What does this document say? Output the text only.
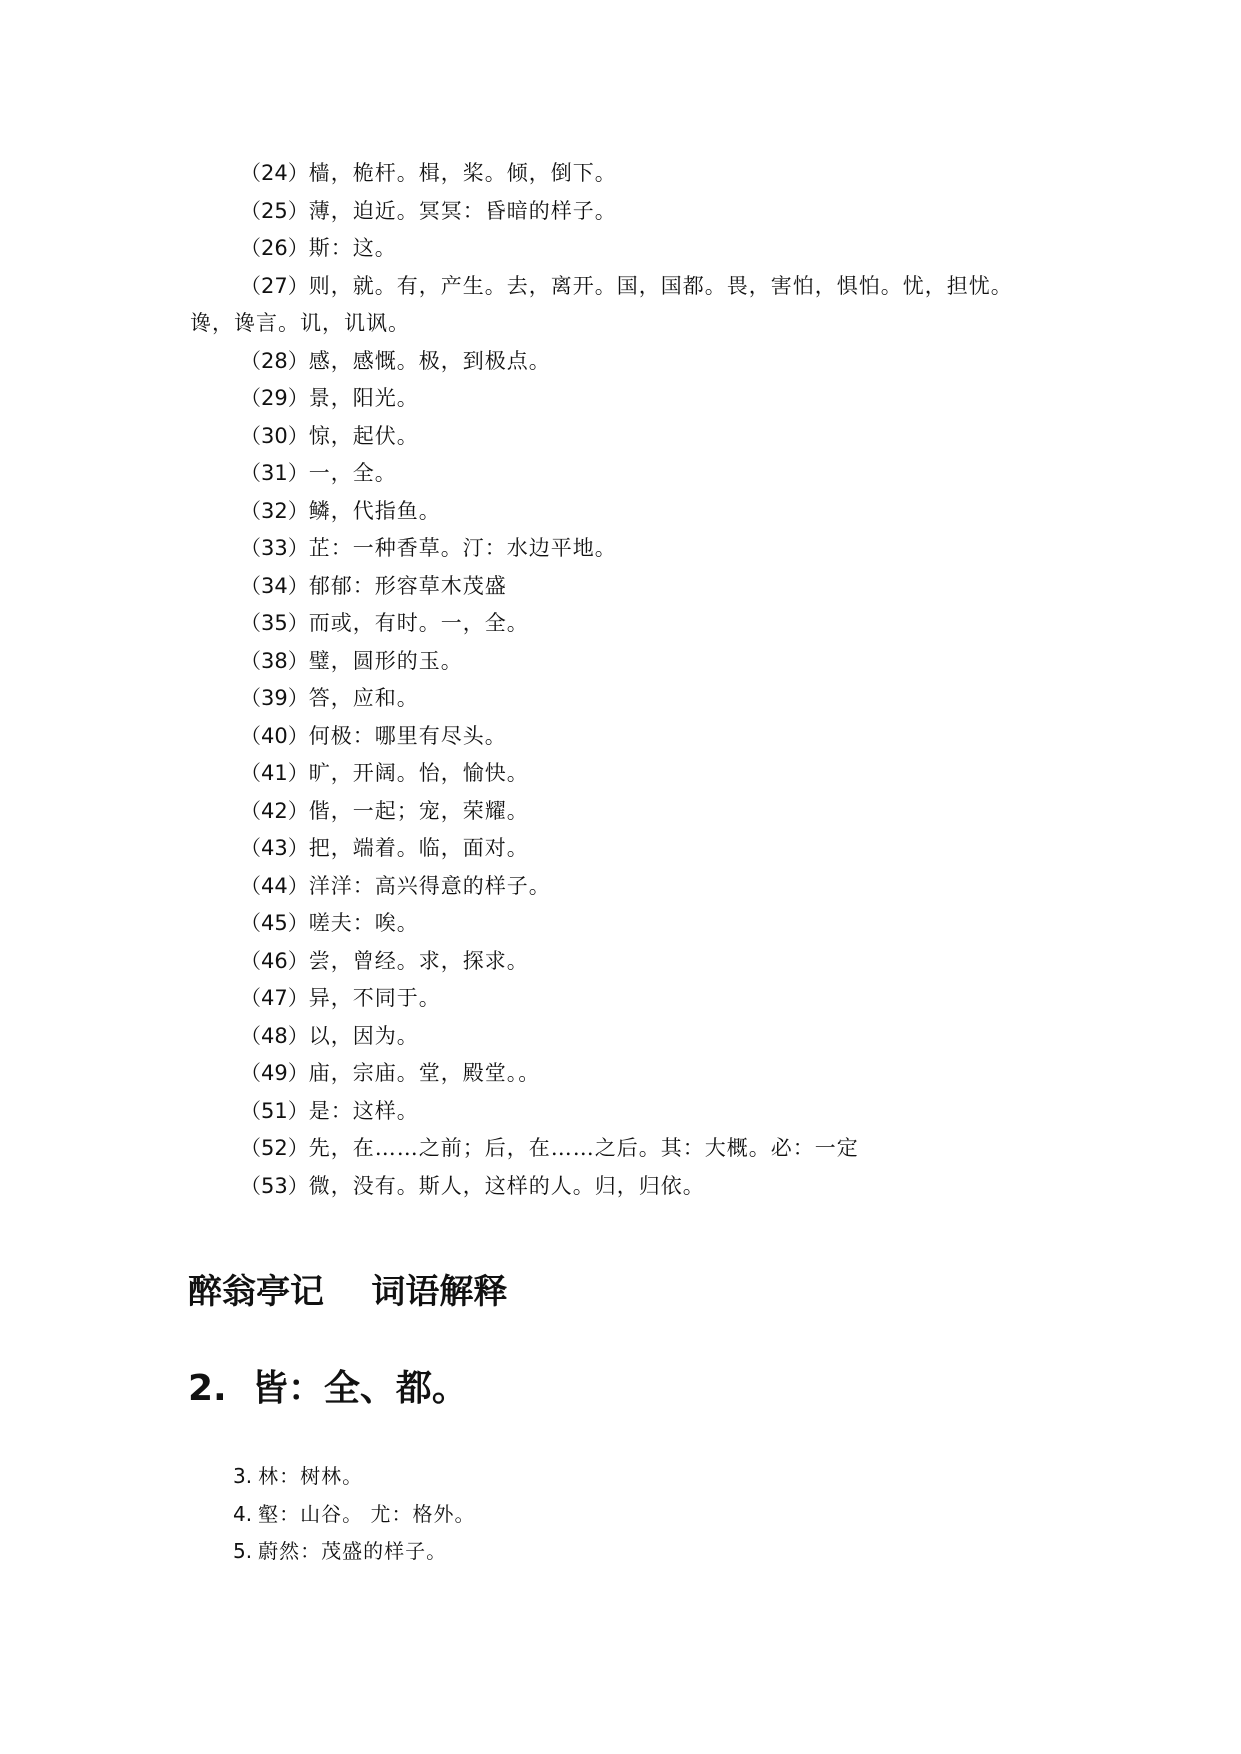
（24）樯，桅杆。楫，桨。倾，倒下。
（25）薄，迫近。冥冥：昏暗的样子。
（26）斯：这。
（27）则，就。有，产生。去，离开。国，国都。畏，害怕，惧怕。忧，担忧。
谗，谗言。讥，讥讽。
（28）感，感慨。极，到极点。
（29）景，阳光。
（30）惊，起伏。
（31）一，全。
（32）鳞，代指鱼。
（33）芷：一种香草。汀：水边平地。
（34）郁郁：形容草木茂盛
（35）而或，有时。一，全。
（38）璧，圆形的玉。
（39）答，应和。
（40）何极：哪里有尽头。
（41）旷，开阔。怡，愉快。
（42）偕，一起；宠，荣耀。
（43）把，端着。临，面对。
（44）洋洋：高兴得意的样子。
（45）嗟夫：唉。
（46）尝，曾经。求，探求。
（47）异，不同于。
（48）以，因为。
（49）庙，宗庙。堂，殿堂。。
（51）是：这样。
（52）先，在……之前；后，在……之后。其：大概。必：一定
（53）微，没有。斯人，这样的人。归，归依。
醉翁亭记    词语解释
2. 皆：全、都。
3. 林：树林。
4. 壑：山谷。 尤：格外。
5. 蔚然：茂盛的样子。
